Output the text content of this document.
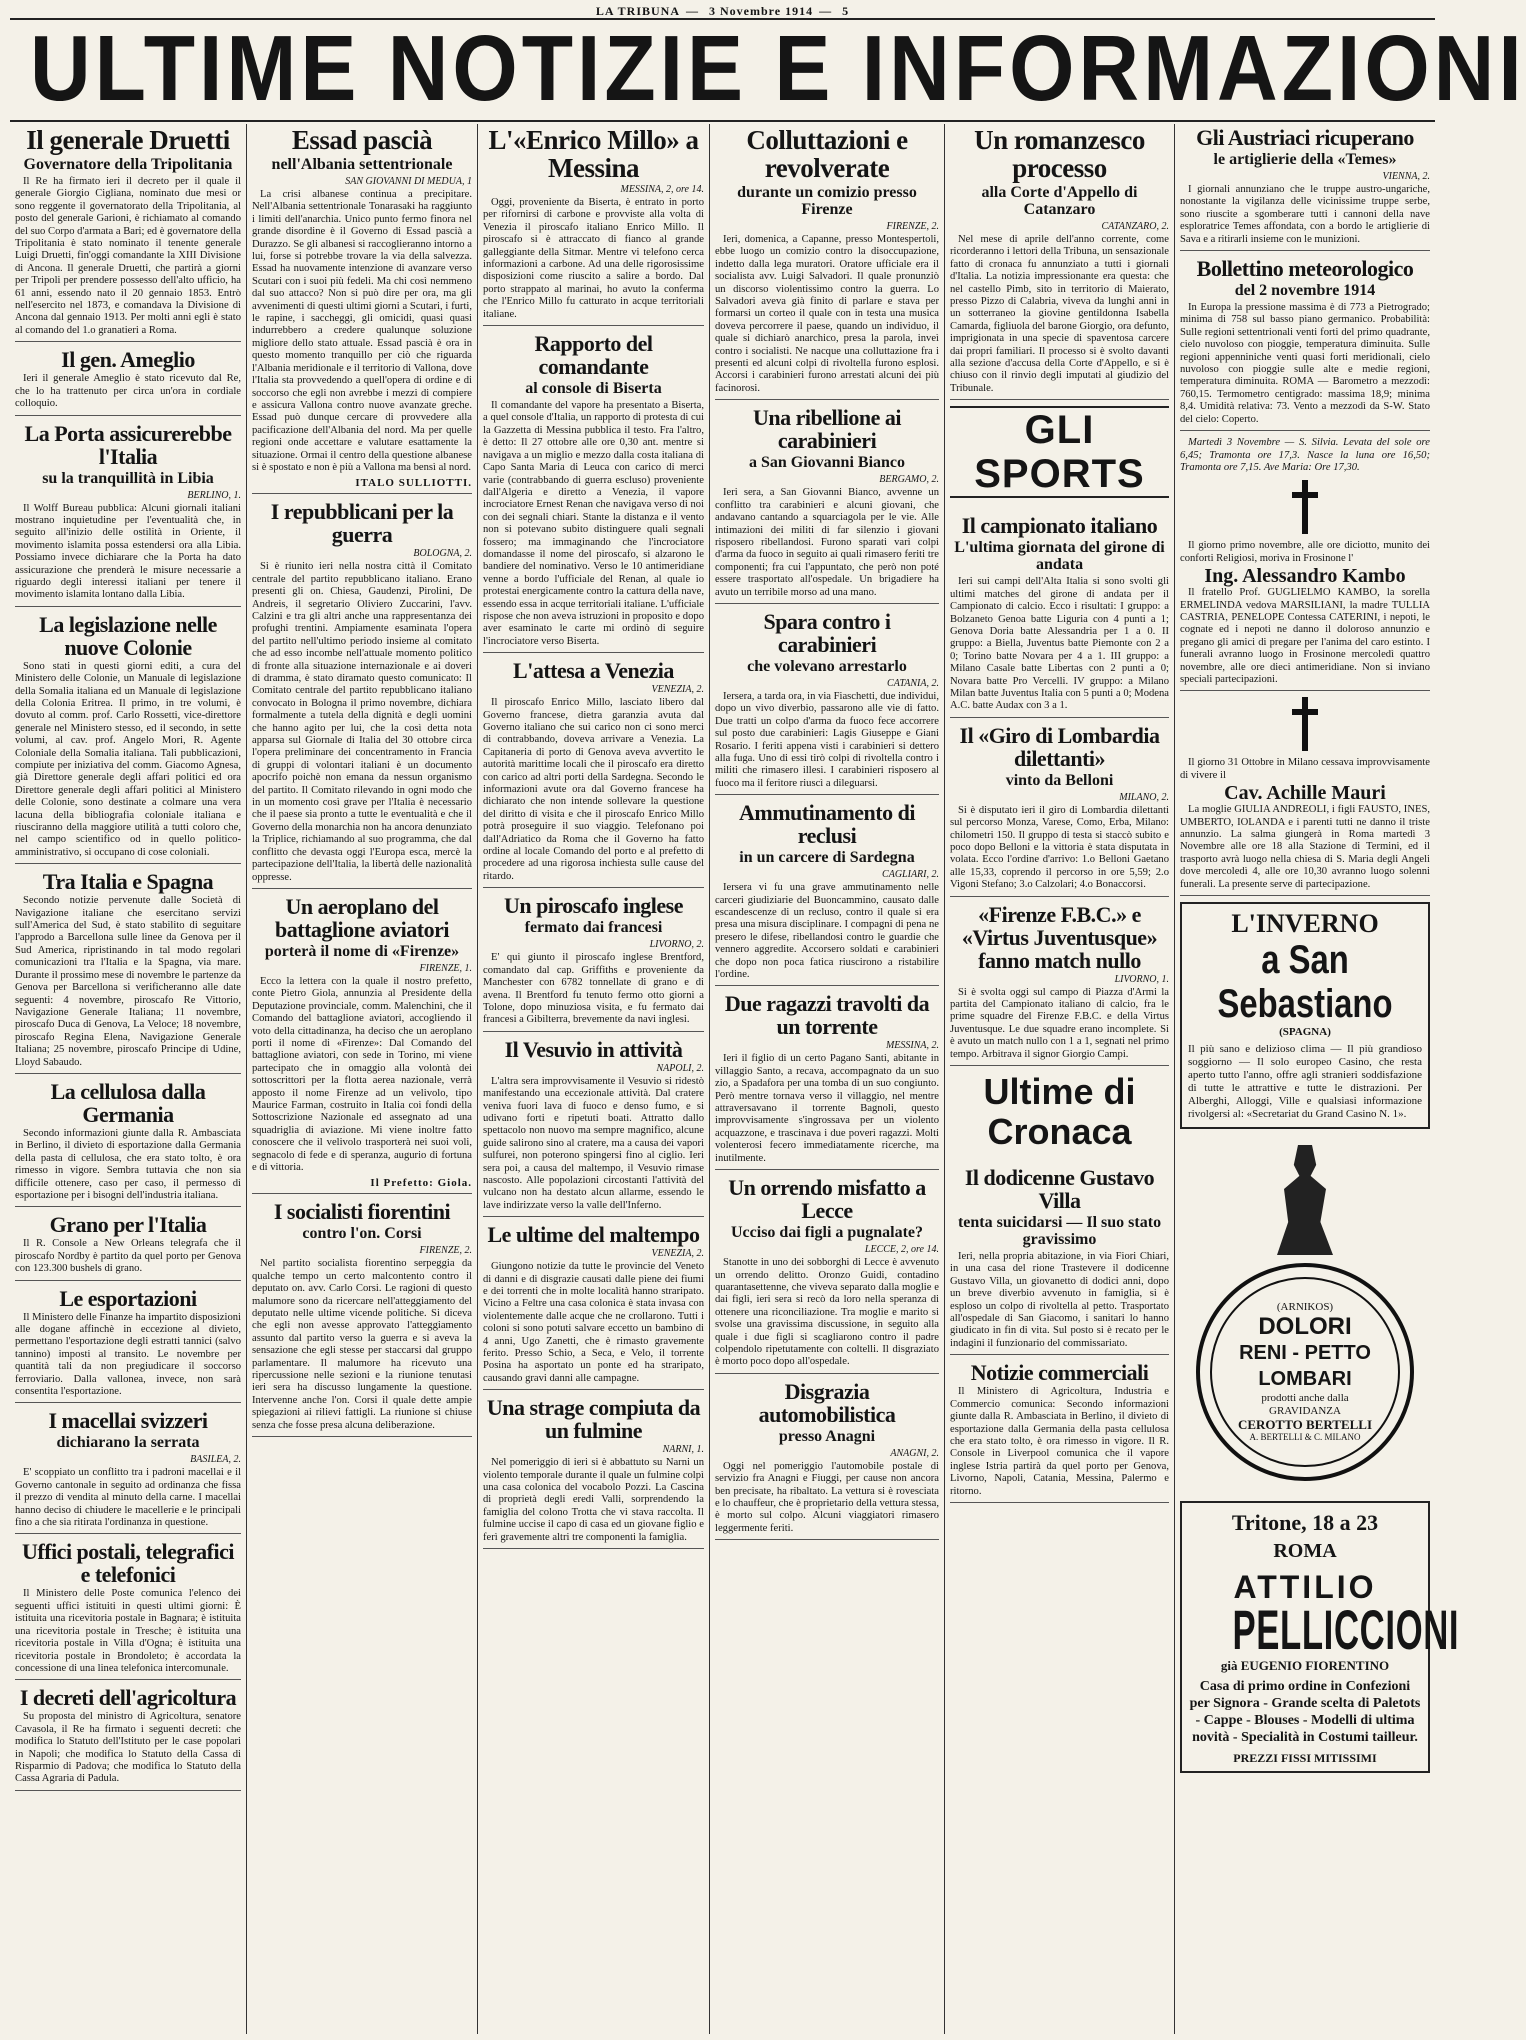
LA TRIBUNA — 3 Novembre 1914 — 5
ULTIME NOTIZIE E INFORMAZIONI
Il generale Druetti
Governatore della Tripolitania

Il Re ha firmato ieri il decreto per il quale il generale Giorgio Cigliana, nominato due mesi or sono reggente il governatorato della Tripolitania, al posto del generale Garioni, è richiamato al comando del suo Corpo d'armata a Bari; ed è governatore della Tripolitania è stato nominato il tenente generale Luigi Druetti, fin'oggi comandante la XIII Divisione di Ancona. Il generale Druetti, che partirà a giorni per Tripoli per prendere possesso dell'alto ufficio, ha 61 anni, essendo nato il 20 gennaio 1853. Entrò nell'esercito nel 1873, e comandava la Divisione di Ancona dal gennaio 1913. Per molti anni egli è stato al comando del 1.o granatieri a Roma.

Il gen. Ameglio

Ieri il generale Ameglio è stato ricevuto dal Re, che lo ha trattenuto per circa un'ora in cordiale colloquio.

La Porta assicurerebbe l'Italia
su la tranquillità in Libia
BERLINO, 1.

Il Wolff Bureau pubblica: Alcuni giornali italiani mostrano inquietudine per l'eventualità che, in seguito all'inizio delle ostilità in Oriente, il movimento islamita possa estendersi ora alla Libia. Possiamo invece dichiarare che la Porta ha dato assicurazione che prenderà le misure necessarie a riguardo degli interessi italiani per tenere il movimento islamita lontano dalla Libia.

La legislazione nelle nuove Colonie

Sono stati in questi giorni editi, a cura del Ministero delle Colonie, un Manuale di legislazione della Somalia italiana ed un Manuale di legislazione della Colonia Eritrea. Il primo, in tre volumi, è dovuto al comm. prof. Carlo Rossetti, vice-direttore generale nel Ministero stesso, ed il secondo, in sette volumi, al cav. prof. Angelo Mori, R. Agente Coloniale della Somalia italiana. Tali pubblicazioni, compiute per iniziativa del comm. Giacomo Agnesa, già Direttore generale degli affari politici ed ora Direttore generale degli affari politici al Ministero delle Colonie, sono destinate a colmare una vera lacuna della bibliografia coloniale italiana e riusciranno della maggiore utilità a tutti coloro che, nel campo scientifico od in quello politico-amministrativo, si occupano di cose coloniali.

Tra Italia e Spagna

Secondo notizie pervenute dalle Società di Navigazione italiane che esercitano servizi sull'America del Sud, è stato stabilito di seguitare l'approdo a Barcellona sulle linee da Genova per il Sud America, ripristinando in tal modo regolari comunicazioni tra l'Italia e la Spagna, via mare. Durante il prossimo mese di novembre le partenze da Genova per Barcellona si verificheranno alle date seguenti: 4 novembre, piroscafo Re Vittorio, Navigazione Generale Italiana; 11 novembre, piroscafo Duca di Genova, La Veloce; 18 novembre, piroscafo Regina Elena, Navigazione Generale Italiana; 25 novembre, piroscafo Principe di Udine, Lloyd Sabaudo.

La cellulosa dalla Germania

Secondo informazioni giunte dalla R. Ambasciata in Berlino, il divieto di esportazione dalla Germania della pasta di cellulosa, che era stato tolto, è ora rimesso in vigore. Sembra tuttavia che non sia difficile ottenere, caso per caso, il permesso di esportazione per i bisogni dell'industria italiana.

Grano per l'Italia

Il R. Console a New Orleans telegrafa che il piroscafo Nordby è partito da quel porto per Genova con 123.300 bushels di grano.

Le esportazioni

Il Ministero delle Finanze ha impartito disposizioni alle dogane affinchè in eccezione al divieto, permettano l'esportazione degli estratti tannici (salvo tannino) imposti al transito. Le novembre per quantità tali da non pregiudicare il soccorso ferroviario. Dalla vallonea, invece, non sarà consentita l'esportazione.

I macellai svizzeri
dichiarano la serrata
BASILEA, 2.

E' scoppiato un conflitto tra i padroni macellai e il Governo cantonale in seguito ad ordinanza che fissa il prezzo di vendita al minuto della carne. I macellai hanno deciso di chiudere le macellerie e le principali fino a che sia ritirata l'ordinanza in questione.

Uffici postali, telegrafici e telefonici

Il Ministero delle Poste comunica l'elenco dei seguenti uffici istituiti in questi ultimi giorni: È istituita una ricevitoria postale in Bagnara; è istituita una ricevitoria postale in Tresche; è istituita una ricevitoria postale in Villa d'Ogna; è istituita una ricevitoria postale in Brondoleto; è accordata la concessione di una linea telefonica intercomunale.

I decreti dell'agricoltura

Su proposta del ministro di Agricoltura, senatore Cavasola, il Re ha firmato i seguenti decreti: che modifica lo Statuto dell'Istituto per le case popolari in Napoli; che modifica lo Statuto della Cassa di Risparmio di Padova; che modifica lo Statuto della Cassa Agraria di Padula.

Essad pascià
nell'Albania settentrionale
SAN GIOVANNI DI MEDUA, 1

La crisi albanese continua a precipitare. Nell'Albania settentrionale Tonarasaki ha raggiunto i limiti dell'anarchia. Unico punto fermo finora nel grande disordine è il Governo di Essad pascià a Durazzo. Se gli albanesi si raccoglieranno intorno a lui, forse si potrebbe trovare la via della salvezza. Essad ha nuovamente intenzione di avanzare verso Scutari con i suoi più fedeli. Ma chi così nemmeno dal suo attacco? Non si può dire per ora, ma gli avvenimenti di questi ultimi giorni a Scutari, i furti, le rapine, i saccheggi, gli omicidi, quasi quasi indurrebbero a credere qualunque soluzione migliore dello stato attuale. Essad pascià è ora in questo momento tranquillo per ciò che riguarda l'Albania meridionale e il territorio di Vallona, dove l'Italia sta provvedendo a quell'opera di ordine e di soccorso che egli non avrebbe i mezzi di compiere e assicura Vallona contro nuove avanzate greche. Essad può dunque cercare di provvedere alla pacificazione dell'Albania del nord. Ma per quelle regioni onde accettare e valutare esattamente la situazione. Ormai il centro della questione albanese si è spostato e non è più a Vallona ma bensì al nord.

ITALO SULLIOTTI.
I repubblicani per la guerra
BOLOGNA, 2.

Si è riunito ieri nella nostra città il Comitato centrale del partito repubblicano italiano. Erano presenti gli on. Chiesa, Gaudenzi, Pirolini, De Andreis, il segretario Oliviero Zuccarini, l'avv. Calzini e tra gli altri anche una rappresentanza dei profughi trentini. Ampiamente esaminata l'opera del partito nell'ultimo periodo insieme al comitato che ad esso incombe nell'attuale momento politico di fronte alla situazione internazionale e ai doveri di dramma, è stato diramato questo comunicato: Il Comitato centrale del partito repubblicano italiano convocato in Bologna il primo novembre, dichiara formalmente a tutela della dignità e degli uomini che hanno agito per lui, che la così detta nota apparsa sul Giornale di Italia del 30 ottobre circa l'opera preliminare dei concentramento in Francia di gruppi di volontari italiani è un documento apocrifo poichè non emana da nessun organismo del partito. Il Comitato rilevando in ogni modo che in un momento così grave per l'Italia è necessario che il paese sia pronto a tutte le eventualità e che il Governo della monarchia non ha ancora denunziato la Triplice, richiamando al suo programma, che dal conflitto che devasta oggi l'Europa esca, mercè la partecipazione dell'Italia, la libertà delle nazionalità oppresse.

Un aeroplano del battaglione aviatori
porterà il nome di «Firenze»
FIRENZE, 1.

Ecco la lettera con la quale il nostro prefetto, conte Pietro Giola, annunzia al Presidente della Deputazione provinciale, comm. Malenchini, che il Comando del battaglione aviatori, accogliendo il voto della cittadinanza, ha deciso che un aeroplano porti il nome di «Firenze»: Dal Comando del battaglione aviatori, con sede in Torino, mi viene partecipato che in omaggio alla volontà dei sottoscrittori per la flotta aerea nazionale, verrà apposto il nome Firenze ad un velivolo, tipo Maurice Farman, costruito in Italia coi fondi della Sottoscrizione Nazionale ed assegnato ad una squadriglia di aviazione. Mi viene inoltre fatto conoscere che il velivolo trasporterà nei suoi voli, segnacolo di fede e di speranza, augurio di fortuna e di vittoria.

Il Prefetto: Giola.
I socialisti fiorentini
contro l'on. Corsi
FIRENZE, 2.

Nel partito socialista fiorentino serpeggia da qualche tempo un certo malcontento contro il deputato on. avv. Carlo Corsi. Le ragioni di questo malumore sono da ricercare nell'atteggiamento del deputato nelle ultime vicende politiche. Si diceva che egli non avesse approvato l'atteggiamento assunto dal partito verso la guerra e si aveva la sensazione che egli stesse per staccarsi dal gruppo parlamentare. Il malumore ha ricevuto una ripercussione nelle sezioni e la riunione tenutasi ieri sera ha discusso lungamente la questione. Intervenne anche l'on. Corsi il quale dette ampie spiegazioni ai rilievi fattigli. La riunione si chiuse senza che fosse presa alcuna deliberazione.

L'«Enrico Millo» a Messina
MESSINA, 2, ore 14.

Oggi, proveniente da Biserta, è entrato in porto per rifornirsi di carbone e provviste alla volta di Venezia il piroscafo italiano Enrico Millo. Il piroscafo si è attraccato di fianco al grande galleggiante della Sitmar. Mentre vi telefono cerca informazioni a carbone. Ad una delle rigorosissime disposizioni come riuscito a salire a bordo. Dal porto strappato al marinai, ho avuto la conferma che l'Enrico Millo fu catturato in acque territoriali italiane.

Rapporto del comandante
al console di Biserta

Il comandante del vapore ha presentato a Biserta, a quel console d'Italia, un rapporto di protesta di cui la Gazzetta di Messina pubblica il testo. Fra l'altro, è detto: Il 27 ottobre alle ore 0,30 ant. mentre si navigava a un miglio e mezzo dalla costa italiana di Capo Santa Maria di Leuca con carico di merci varie (contrabbando di guerra escluso) proveniente dall'Algeria e diretto a Venezia, il vapore incrociatore Ernest Renan che navigava verso di noi con dei segnali chiari. Stante la distanza e il vento non si potevano subito distinguere quali segnali fossero; ma immaginando che l'incrociatore domandasse il nome del piroscafo, si alzarono le bandiere del nominativo. Verso le 10 antimeridiane venne a bordo l'ufficiale del Renan, al quale io protestai energicamente contro la cattura della nave, essendo essa in acque territoriali italiane. L'ufficiale rispose che non aveva istruzioni in proposito e dopo aver esaminato le carte mi ordinò di seguire l'incrociatore verso Biserta.

L'attesa a Venezia
VENEZIA, 2.

Il piroscafo Enrico Millo, lasciato libero dal Governo francese, dietra garanzia avuta dal Governo italiano che sui carico non ci sono merci di contrabbando, doveva arrivare a Venezia. La Capitaneria di porto di Genova aveva avvertito le autorità marittime locali che il piroscafo era diretto con carico ad altri porti della Sardegna. Secondo le informazioni avute ora dal Governo francese ha dichiarato che non intende sollevare la questione del diritto di visita e che il piroscafo Enrico Millo potrà proseguire il suo viaggio. Telefonano poi dall'Adriatico da Roma che il Governo ha fatto ordine al locale Comando del porto e al prefetto di procedere ad una rigorosa inchiesta sulle cause del ritardo.

Un piroscafo inglese
fermato dai francesi
LIVORNO, 2.

E' qui giunto il piroscafo inglese Brentford, comandato dal cap. Griffiths e proveniente da Manchester con 6782 tonnellate di grano e di avena. Il Brentford fu tenuto fermo otto giorni a Tolone, dopo minuziosa visita, e fu fermato dai francesi a Gibilterra, brevemente da navi inglesi.

Il Vesuvio in attività
NAPOLI, 2.

L'altra sera improvvisamente il Vesuvio si ridestò manifestando una eccezionale attività. Dal cratere veniva fuori lava di fuoco e denso fumo, e si udivano forti e ripetuti boati. Attratto dallo spettacolo non nuovo ma sempre magnifico, alcune guide salirono sino al cratere, ma a causa dei vapori sulfurei, non poterono spingersi fino al ciglio. Ieri sera poi, a causa del maltempo, il Vesuvio rimase nascosto. Alle popolazioni circostanti l'attività del vulcano non ha destato alcun allarme, essendo le lave indirizzate verso la valle dell'Inferno.

Le ultime del maltempo
VENEZIA, 2.

Giungono notizie da tutte le provincie del Veneto di danni e di disgrazie causati dalle piene dei fiumi e dei torrenti che in molte località hanno straripato. Vicino a Feltre una casa colonica è stata invasa con violentemente dalle acque che ne crollarono. Tutti i coloni si sono potuti salvare eccetto un bambino di 4 anni, Ugo Zanetti, che è rimasto gravemente ferito. Presso Schio, a Seca, e Velo, il torrente Posina ha asportato un ponte ed ha straripato, causando gravi danni alle campagne.

Una strage compiuta da un fulmine
NARNI, 1.

Nel pomeriggio di ieri si è abbattuto su Narni un violento temporale durante il quale un fulmine colpì una casa colonica del vocabolo Pozzi. La Cascina di proprietà degli eredi Valli, sorprendendo la famiglia del colono Trotta che vi stava raccolta. Il fulmine uccise il capo di casa ed un giovane figlio e ferì gravemente altri tre componenti la famiglia.

Colluttazioni e revolverate
durante un comizio presso Firenze
FIRENZE, 2.

Ieri, domenica, a Capanne, presso Montespertoli, ebbe luogo un comizio contro la disoccupazione, indetto dalla lega muratori. Oratore ufficiale era il socialista avv. Luigi Salvadori. Il quale pronunziò un discorso violentissimo contro la guerra. Lo Salvadori aveva già finito di parlare e stava per formarsi un corteo il quale con in testa una musica doveva percorrere il paese, quando un individuo, il quale si dichiarò anarchico, presa la parola, inveì contro i socialisti. Ne nacque una colluttazione fra i presenti ed alcuni colpi di rivoltella furono esplosi. Accorsi i carabinieri furono arrestati alcuni dei più facinorosi.

Una ribellione ai carabinieri
a San Giovanni Bianco
BERGAMO, 2.

Ieri sera, a San Giovanni Bianco, avvenne un conflitto tra carabinieri e alcuni giovani, che andavano cantando a squarciagola per le vie. Alle intimazioni dei militi di far silenzio i giovani risposero ribellandosi. Furono sparati vari colpi d'arma da fuoco in seguito ai quali rimasero feriti tre componenti; fra cui l'appuntato, che però non poté essere trasportato all'ospedale. Un brigadiere ha avuto un terribile morso ad una mano.

Spara contro i carabinieri
che volevano arrestarlo
CATANIA, 2.

Iersera, a tarda ora, in via Fiaschetti, due individui, dopo un vivo diverbio, passarono alle vie di fatto. Due tratti un colpo d'arma da fuoco fece accorrere sul posto due carabinieri: Lagis Giuseppe e Giani Rosario. I feriti appena visti i carabinieri si dettero alla fuga. Uno di essi tirò colpi di rivoltella contro i militi che rimasero illesi. I carabinieri risposero al fuoco ma il feritore riuscì a dileguarsi.

Ammutinamento di reclusi
in un carcere di Sardegna
CAGLIARI, 2.

Iersera vi fu una grave ammutinamento nelle carceri giudiziarie del Buoncammino, causato dalle escandescenze di un recluso, contro il quale si era presa una misura disciplinare. I compagni di pena ne presero le difese, ribellandosi contro le guardie che vennero aggredite. Accorsero soldati e carabinieri che dopo non poca fatica riuscirono a ristabilire l'ordine.

Due ragazzi travolti da un torrente
MESSINA, 2.

Ieri il figlio di un certo Pagano Santi, abitante in villaggio Santo, a recava, accompagnato da un suo zio, a Spadafora per una tomba di un suo congiunto. Però mentre tornava verso il villaggio, nel mentre attraversavano il torrente Bagnoli, questo improvvisamente s'ingrossava per un violento acquazzone, e trascinava i due poveri ragazzi. Molti volenterosi fecero immediatamente ricerche, ma inutilmente.

Un orrendo misfatto a Lecce
Ucciso dai figli a pugnalate?
LECCE, 2, ore 14.

Stanotte in uno dei sobborghi di Lecce è avvenuto un orrendo delitto. Oronzo Guidi, contadino quarantasettenne, che viveva separato dalla moglie e dai figli, ieri sera si recò da loro nella speranza di ottenere una riconciliazione. Tra moglie e marito si svolse una gravissima discussione, in seguito alla quale i due figli si scagliarono contro il padre colpendolo ripetutamente con coltelli. Il disgraziato è morto poco dopo all'ospedale.

Disgrazia automobilistica
presso Anagni
ANAGNI, 2.

Oggi nel pomeriggio l'automobile postale di servizio fra Anagni e Fiuggi, per cause non ancora ben precisate, ha ribaltato. La vettura si è rovesciata e lo chauffeur, che è proprietario della vettura stessa, è morto sul colpo. Alcuni viaggiatori rimasero leggermente feriti.

Un romanzesco processo
alla Corte d'Appello di Catanzaro
CATANZARO, 2.

Nel mese di aprile dell'anno corrente, come ricorderanno i lettori della Tribuna, un sensazionale fatto di cronaca fu annunziato a tutti i giornali d'Italia. La notizia impressionante era questa: che nel castello Pimb, sito in territorio di Maierato, presso Pizzo di Calabria, viveva da lunghi anni in un sotterraneo la giovine gentildonna Isabella Camarda, figliuola del barone Giorgio, ora defunto, imprigionata in una specie di spaventosa carcere dai propri familiari. Il processo si è svolto davanti alla sezione d'accusa della Corte d'Appello, e si è chiuso con il rinvio degli imputati al giudizio del Tribunale.

GLI SPORTS
Il campionato italiano
L'ultima giornata del girone di andata

Ieri sui campi dell'Alta Italia si sono svolti gli ultimi matches del girone di andata per il Campionato di calcio. Ecco i risultati: I gruppo: a Bolzaneto Genoa batte Liguria con 4 punti a 1; Genova Doria batte Alessandria per 1 a 0. II gruppo: a Biella, Juventus batte Piemonte con 2 a 0; Torino batte Novara per 4 a 1. III gruppo: a Milano Casale batte Libertas con 2 punti a 0; Novara batte Pro Vercelli. IV gruppo: a Milano Milan batte Juventus Italia con 5 punti a 0; Modena A.C. batte Audax con 3 a 1.

Il «Giro di Lombardia dilettanti»
vinto da Belloni
MILANO, 2.

Si è disputato ieri il giro di Lombardia dilettanti sul percorso Monza, Varese, Como, Erba, Milano: chilometri 150. Il gruppo di testa si staccò subito e poco dopo Belloni e la vittoria è stata disputata in volata. Ecco l'ordine d'arrivo: 1.o Belloni Gaetano alle 15,33, coprendo il percorso in ore 5,59; 2.o Vigoni Stefano; 3.o Calzolari; 4.o Bonaccorsi.

«Firenze F.B.C.» e «Virtus Juventusque» fanno match nullo
LIVORNO, 1.

Si è svolta oggi sul campo di Piazza d'Armi la partita del Campionato italiano di calcio, fra le prime squadre del Firenze F.B.C. e della Virtus Juventusque. Le due squadre erano incomplete. Si è avuto un match nullo con 1 a 1, segnati nel primo tempo. Arbitrava il signor Giorgio Campi.

Ultime di Cronaca
Il dodicenne Gustavo Villa
tenta suicidarsi — Il suo stato gravissimo

Ieri, nella propria abitazione, in via Fiori Chiari, in una casa del rione Trastevere il dodicenne Gustavo Villa, un giovanetto di dodici anni, dopo un breve diverbio avvenuto in famiglia, si è esploso un colpo di rivoltella al petto. Trasportato all'ospedale di San Giacomo, i sanitari lo hanno giudicato in fin di vita. Sul posto si è recato per le indagini il funzionario del commissariato.

Notizie commerciali

Il Ministero di Agricoltura, Industria e Commercio comunica: Secondo informazioni giunte dalla R. Ambasciata in Berlino, il divieto di esportazione dalla Germania della pasta cellulosa che era stato tolto, è ora rimesso in vigore. Il R. Console in Liverpool comunica che il vapore inglese Istria partirà da quel porto per Genova, Livorno, Napoli, Catania, Messina, Palermo e ritorno.

Gli Austriaci ricuperano
le artiglierie della «Temes»
VIENNA, 2.

I giornali annunziano che le truppe austro-ungariche, nonostante la vigilanza delle vicinissime truppe serbe, sono riuscite a sgomberare tutti i cannoni della nave esploratrice Temes affondata, con a bordo le artiglierie di Sava e a ritirarli insieme con le munizioni.

Bollettino meteorologico
del 2 novembre 1914

In Europa la pressione massima è di 773 a Pietrogrado; minima di 758 sul basso piano germanico. Probabilità: Sulle regioni settentrionali venti forti del primo quadrante, cielo nuvoloso con pioggie, temperatura diminuita. Sulle regioni appenniniche venti quasi forti meridionali, cielo nuvoloso con pioggie sulle alte e medie regioni, temperatura diminuita. ROMA — Barometro a mezzodì: 760,15. Termometro centigrado: massima 18,9; minima 8,4. Umidità relativa: 73. Vento a mezzodì da S-W. Stato del cielo: Coperto.

Martedì 3 Novembre — S. Silvia. Levata del sole ore 6,45; Tramonta ore 17,3. Nasce la luna ore 16,50; Tramonta ore 7,15. Ave Maria: Ore 17,30.

Il giorno primo novembre, alle ore diciotto, munito dei conforti Religiosi, moriva in Frosinone l'

Ing. Alessandro Kambo

Il fratello Prof. GUGLIELMO KAMBO, la sorella ERMELINDA vedova MARSILIANI, la madre TULLIA CASTRIA, PENELOPE Contessa CATERINI, i nepoti, le cognate ed i nepoti ne danno il doloroso annunzio e pregano gli amici di pregare per l'anima del caro estinto. I funerali avranno luogo in Frosinone mercoledì quattro novembre, alle ore dieci antimeridiane. Non si inviano speciali partecipazioni.

Il giorno 31 Ottobre in Milano cessava improvvisamente di vivere il

Cav. Achille Mauri

La moglie GIULIA ANDREOLI, i figli FAUSTO, INES, UMBERTO, IOLANDA e i parenti tutti ne danno il triste annunzio. La salma giungerà in Roma martedì 3 Novembre alle ore 18 alla Stazione di Termini, ed il trasporto avrà luogo nella chiesa di S. Maria degli Angeli dove mercoledì 4, alle ore 10,30 avranno luogo solenni funerali. La presente serve di partecipazione.

L'INVERNO
a San Sebastiano
(SPAGNA)

Il più sano e delizioso clima — Il più grandioso soggiorno — Il solo europeo Casino, che resta aperto tutto l'anno, offre agli stranieri soddisfazione di tutte le attrattive e tutte le distrazioni. Per Alberghi, Alloggi, Ville e qualsiasi informazione rivolgersi al: «Secretariat du Grand Casino N. 1».

(ARNIKOS)
DOLORI
RENI - PETTO
LOMBARI
prodotti anche dalla GRAVIDANZA
CEROTTO BERTELLI
A. BERTELLI & C. MILANO
Tritone, 18 a 23
ROMA
ATTILIO
PELLICCIONI
già EUGENIO FIORENTINO

Casa di primo ordine in Confezioni per Signora - Grande scelta di Paletots - Cappe - Blouses - Modelli di ultima novità - Specialità in Costumi tailleur.

PREZZI FISSI MITISSIMI
